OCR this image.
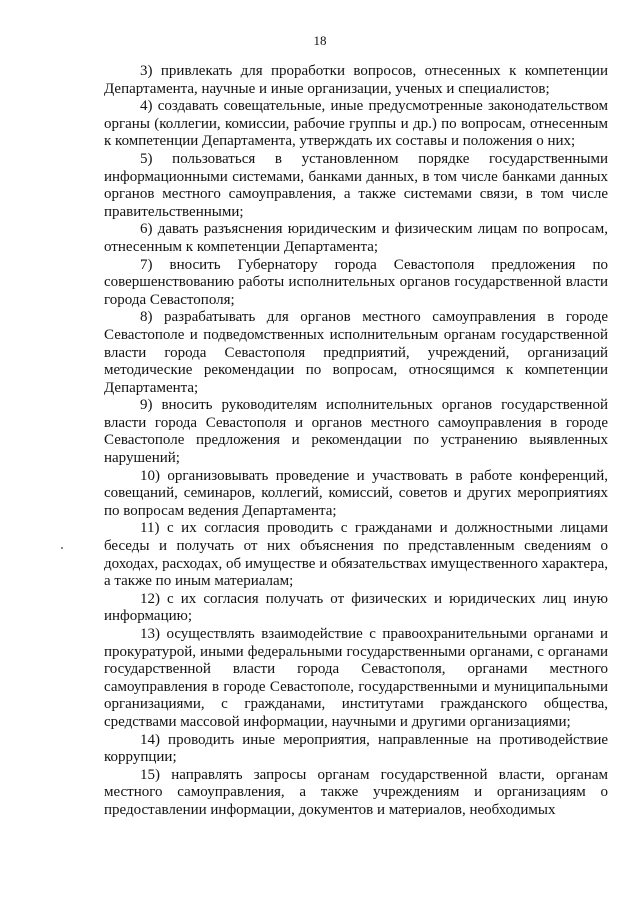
18

3) привлекать для проработки вопросов, отнесенных к компетенции Департамента, научные и иные организации, ученых и специалистов;

4) создавать совещательные, иные предусмотренные законодательством органы (коллегии, комиссии, рабочие группы и др.) по вопросам, отнесенным к компетенции Департамента, утверждать их составы и положения о них;

5) пользоваться в установленном порядке государственными информационными системами, банками данных, в том числе банками данных органов местного самоуправления, а также системами связи, в том числе правительственными;

6) давать разъяснения юридическим и физическим лицам по вопросам, отнесенным к компетенции Департамента;

7) вносить Губернатору города Севастополя предложения по совершенствованию работы исполнительных органов государственной власти города Севастополя;

8) разрабатывать для органов местного самоуправления в городе Севастополе и подведомственных исполнительным органам государственной власти города Севастополя предприятий, учреждений, организаций методические рекомендации по вопросам, относящимся к компетенции Департамента;

9) вносить руководителям исполнительных органов государственной власти города Севастополя и органов местного самоуправления в городе Севастополе предложения и рекомендации по устранению выявленных нарушений;

10) организовывать проведение и участвовать в работе конференций, совещаний, семинаров, коллегий, комиссий, советов и других мероприятиях по вопросам ведения Департамента;

11) с их согласия проводить с гражданами и должностными лицами беседы и получать от них объяснения по представленным сведениям о доходах, расходах, об имуществе и обязательствах имущественного характера, а также по иным материалам;

12) с их согласия получать от физических и юридических лиц иную информацию;

13) осуществлять взаимодействие с правоохранительными органами и прокуратурой, иными федеральными государственными органами, с органами государственной власти города Севастополя, органами местного самоуправления в городе Севастополе, государственными и муниципальными организациями, с гражданами, институтами гражданского общества, средствами массовой информации, научными и другими организациями;

14) проводить иные мероприятия, направленные на противодействие коррупции;

15) направлять запросы органам государственной власти, органам местного самоуправления, а также учреждениям и организациям о предоставлении информации, документов и материалов, необходимых
